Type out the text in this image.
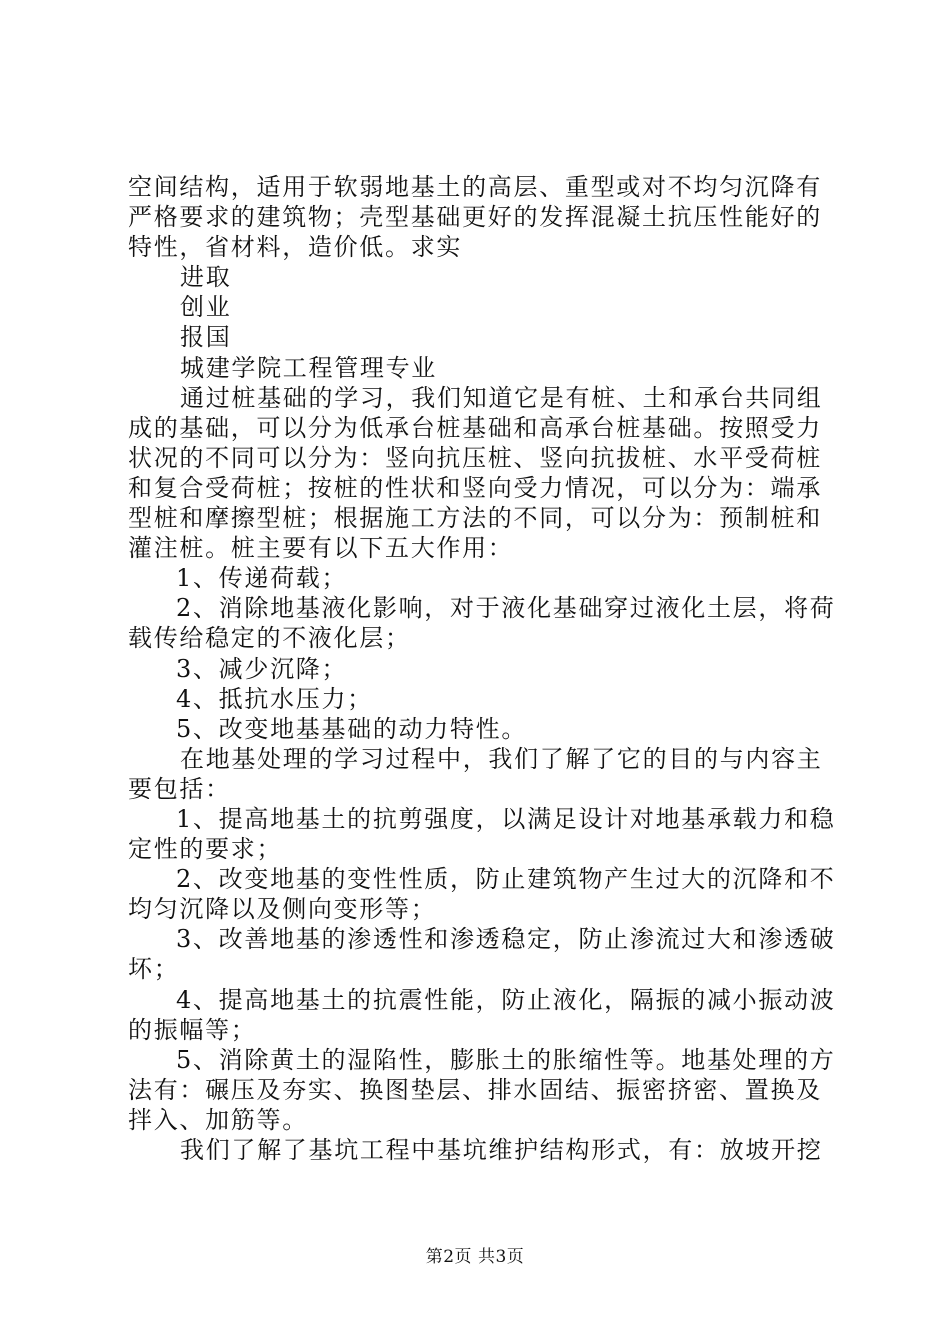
空间结构，适用于软弱地基土的高层、重型或对不均匀沉降有
严格要求的建筑物；壳型基础更好的发挥混凝土抗压性能好的
特性，省材料，造价低。求实
进取
创业
报国
城建学院工程管理专业
通过桩基础的学习，我们知道它是有桩、土和承台共同组
成的基础，可以分为低承台桩基础和高承台桩基础。按照受力
状况的不同可以分为：竖向抗压桩、竖向抗拔桩、水平受荷桩
和复合受荷桩；按桩的性状和竖向受力情况，可以分为：端承
型桩和摩擦型桩；根据施工方法的不同，可以分为：预制桩和
灌注桩。桩主要有以下五大作用：
1、传递荷载；
2、消除地基液化影响，对于液化基础穿过液化土层，将荷
载传给稳定的不液化层；
3、减少沉降；
4、抵抗水压力；
5、改变地基基础的动力特性。
在地基处理的学习过程中，我们了解了它的目的与内容主
要包括：
1、提高地基土的抗剪强度，以满足设计对地基承载力和稳
定性的要求；
2、改变地基的变性性质，防止建筑物产生过大的沉降和不
均匀沉降以及侧向变形等；
3、改善地基的渗透性和渗透稳定，防止渗流过大和渗透破
坏；
4、提高地基土的抗震性能，防止液化，隔振的减小振动波
的振幅等；
5、消除黄土的湿陷性，膨胀土的胀缩性等。地基处理的方
法有：碾压及夯实、换图垫层、排水固结、振密挤密、置换及
拌入、加筋等。
我们了解了基坑工程中基坑维护结构形式，有：放坡开挖
第2页 共3页
